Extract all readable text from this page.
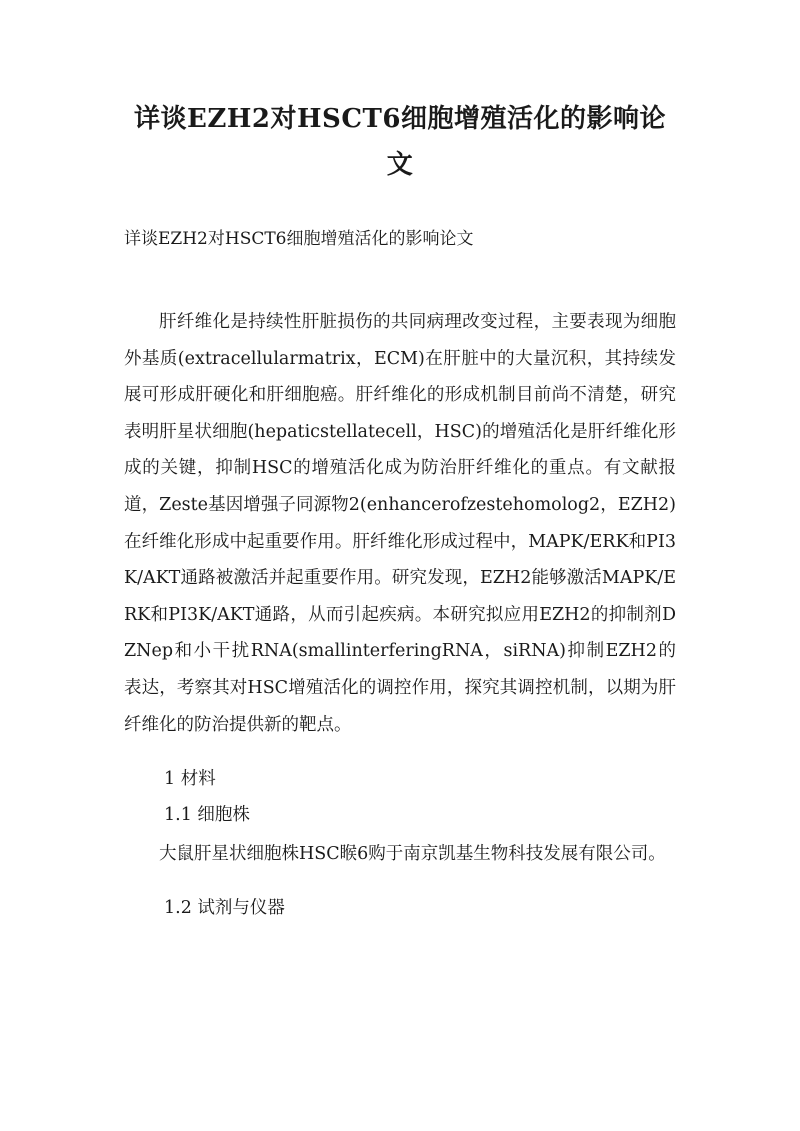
详谈EZH2对HSCT6细胞增殖活化的影响论文
详谈EZH2对HSCT6细胞增殖活化的影响论文

肝纤维化是持续性肝脏损伤的共同病理改变过程，主要表现为细胞外基质(extracellularmatrix，ECM)在肝脏中的大量沉积，其持续发展可形成肝硬化和肝细胞癌。肝纤维化的形成机制目前尚不清楚，研究表明肝星状细胞(hepaticstellatecell，HSC)的增殖活化是肝纤维化形成的关键，抑制HSC的增殖活化成为防治肝纤维化的重点。有文献报道，Zeste基因增强子同源物2(enhancerofzestehomolog2，EZH2)在纤维化形成中起重要作用。肝纤维化形成过程中，MAPK/ERK和PI3K/AKT通路被激活并起重要作用。研究发现，EZH2能够激活MAPK/ERK和PI3K/AKT通路，从而引起疾病。本研究拟应用EZH2的抑制剂DZNep和小干扰RNA(smallinterferingRNA，siRNA)抑制EZH2的表达，考察其对HSC增殖活化的调控作用，探究其调控机制，以期为肝纤维化的防治提供新的靶点。

1 材料
1.1 细胞株

大鼠肝星状细胞株HSC睺6购于南京凯基生物科技发展有限公司。

1.2 试剂与仪器
